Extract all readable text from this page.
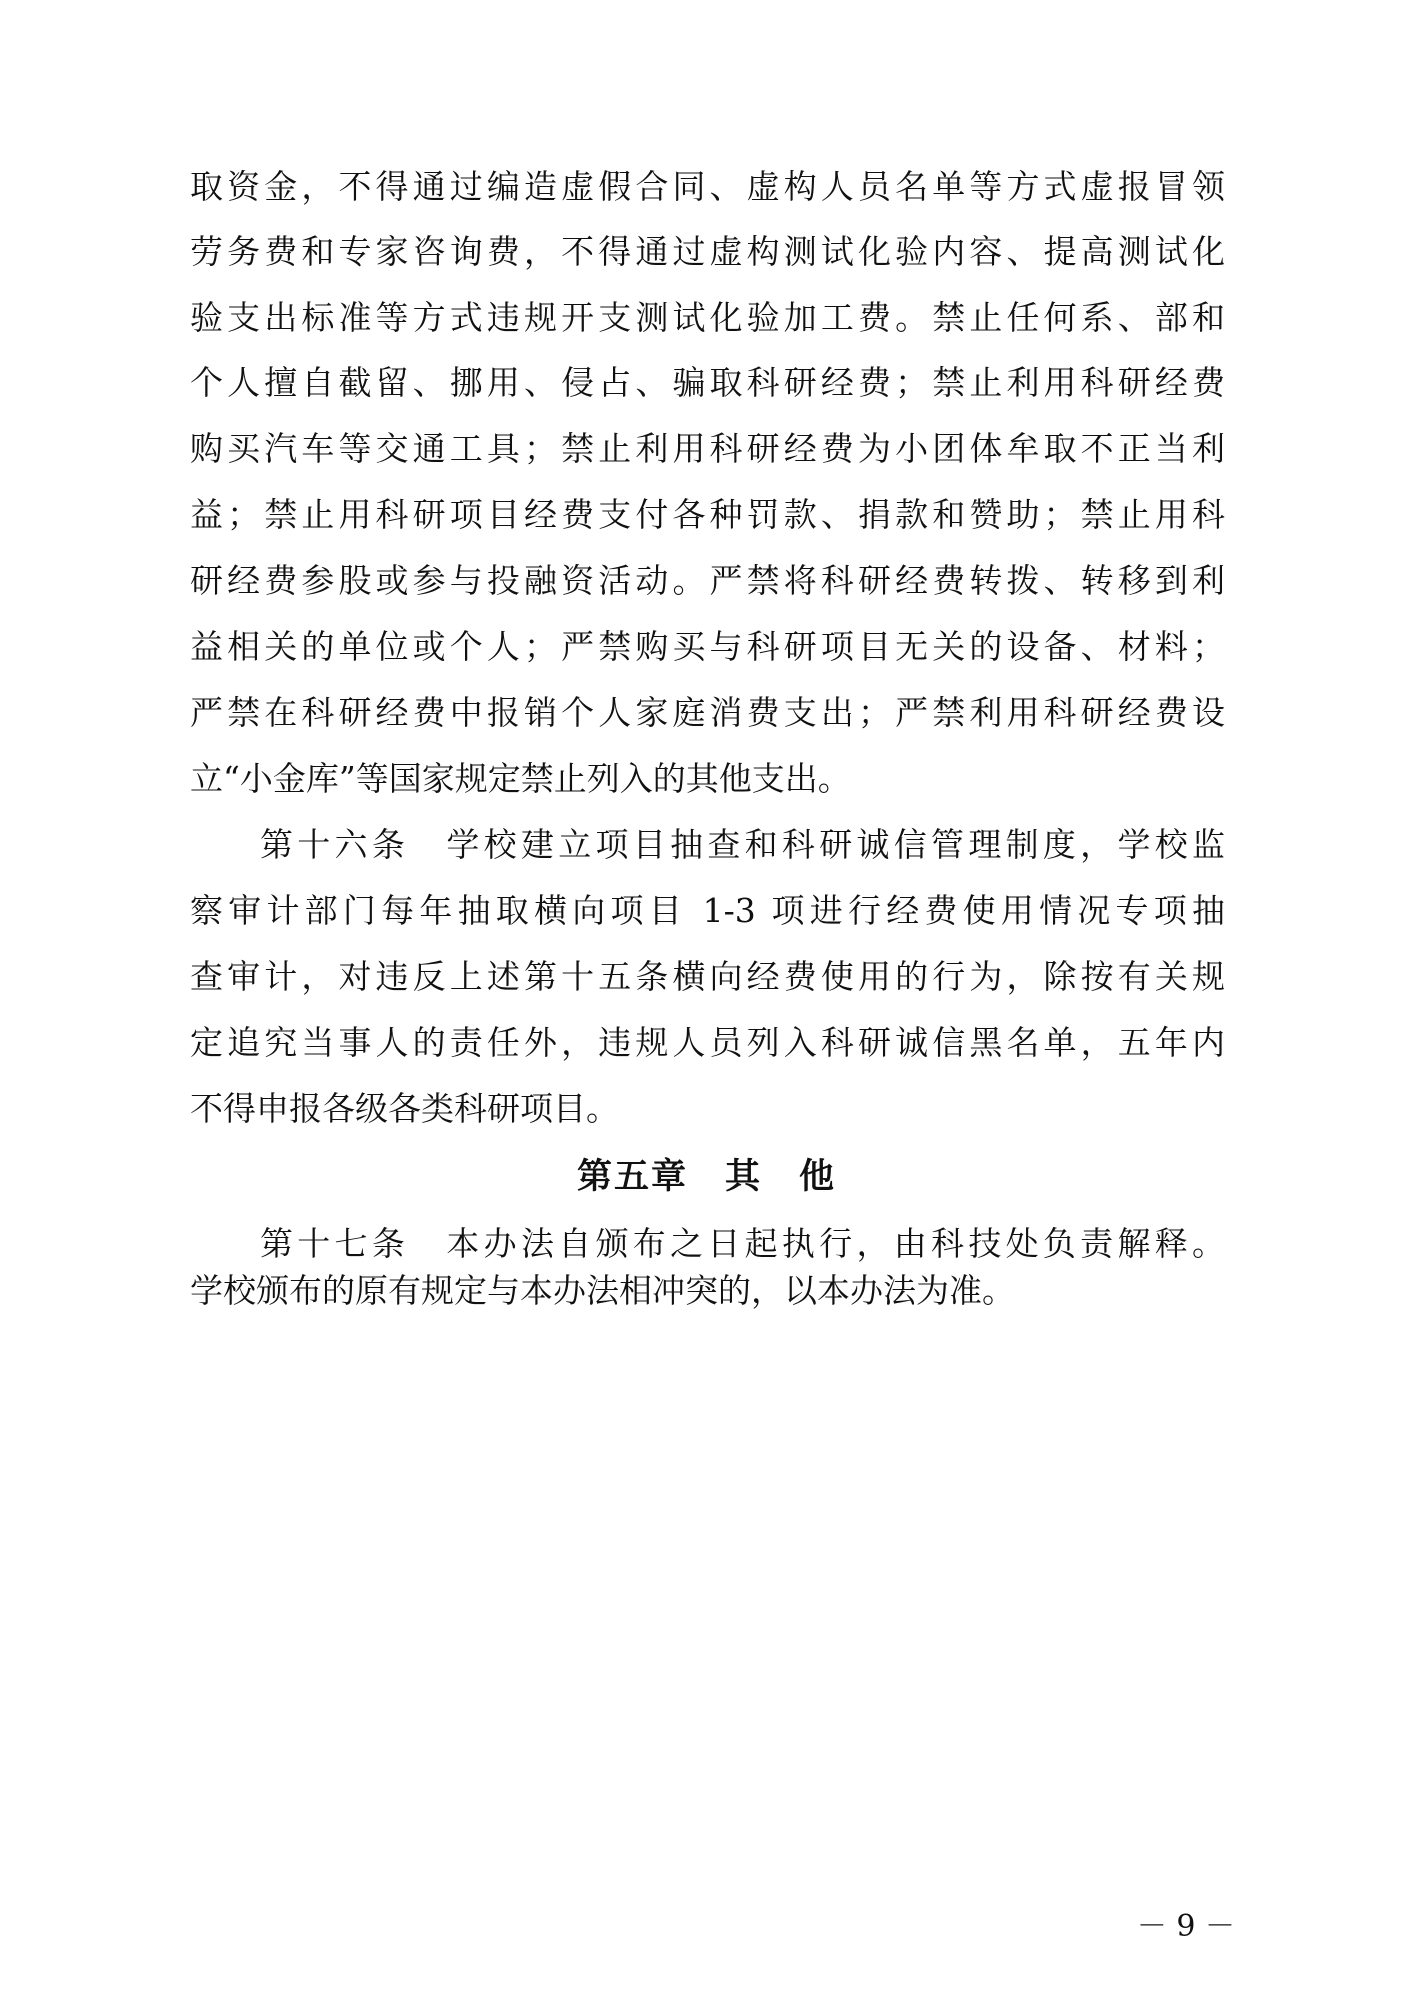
取资金，不得通过编造虚假合同、虚构人员名单等方式虚报冒领
劳务费和专家咨询费，不得通过虚构测试化验内容、提高测试化
验支出标准等方式违规开支测试化验加工费。禁止任何系、部和
个人擅自截留、挪用、侵占、骗取科研经费；禁止利用科研经费
购买汽车等交通工具；禁止利用科研经费为小团体牟取不正当利
益；禁止用科研项目经费支付各种罚款、捐款和赞助；禁止用科
研经费参股或参与投融资活动。严禁将科研经费转拨、转移到利
益相关的单位或个人；严禁购买与科研项目无关的设备、材料；
严禁在科研经费中报销个人家庭消费支出；严禁利用科研经费设
立“小金库”等国家规定禁止列入的其他支出。
第十六条　学校建立项目抽查和科研诚信管理制度，学校监
察审计部门每年抽取横向项目 1-3 项进行经费使用情况专项抽
查审计，对违反上述第十五条横向经费使用的行为，除按有关规
定追究当事人的责任外，违规人员列入科研诚信黑名单，五年内
不得申报各级各类科研项目。
第五章　其　他
第十七条　本办法自颁布之日起执行，由科技处负责解释。
学校颁布的原有规定与本办法相冲突的，以本办法为准。
－ 9 －
